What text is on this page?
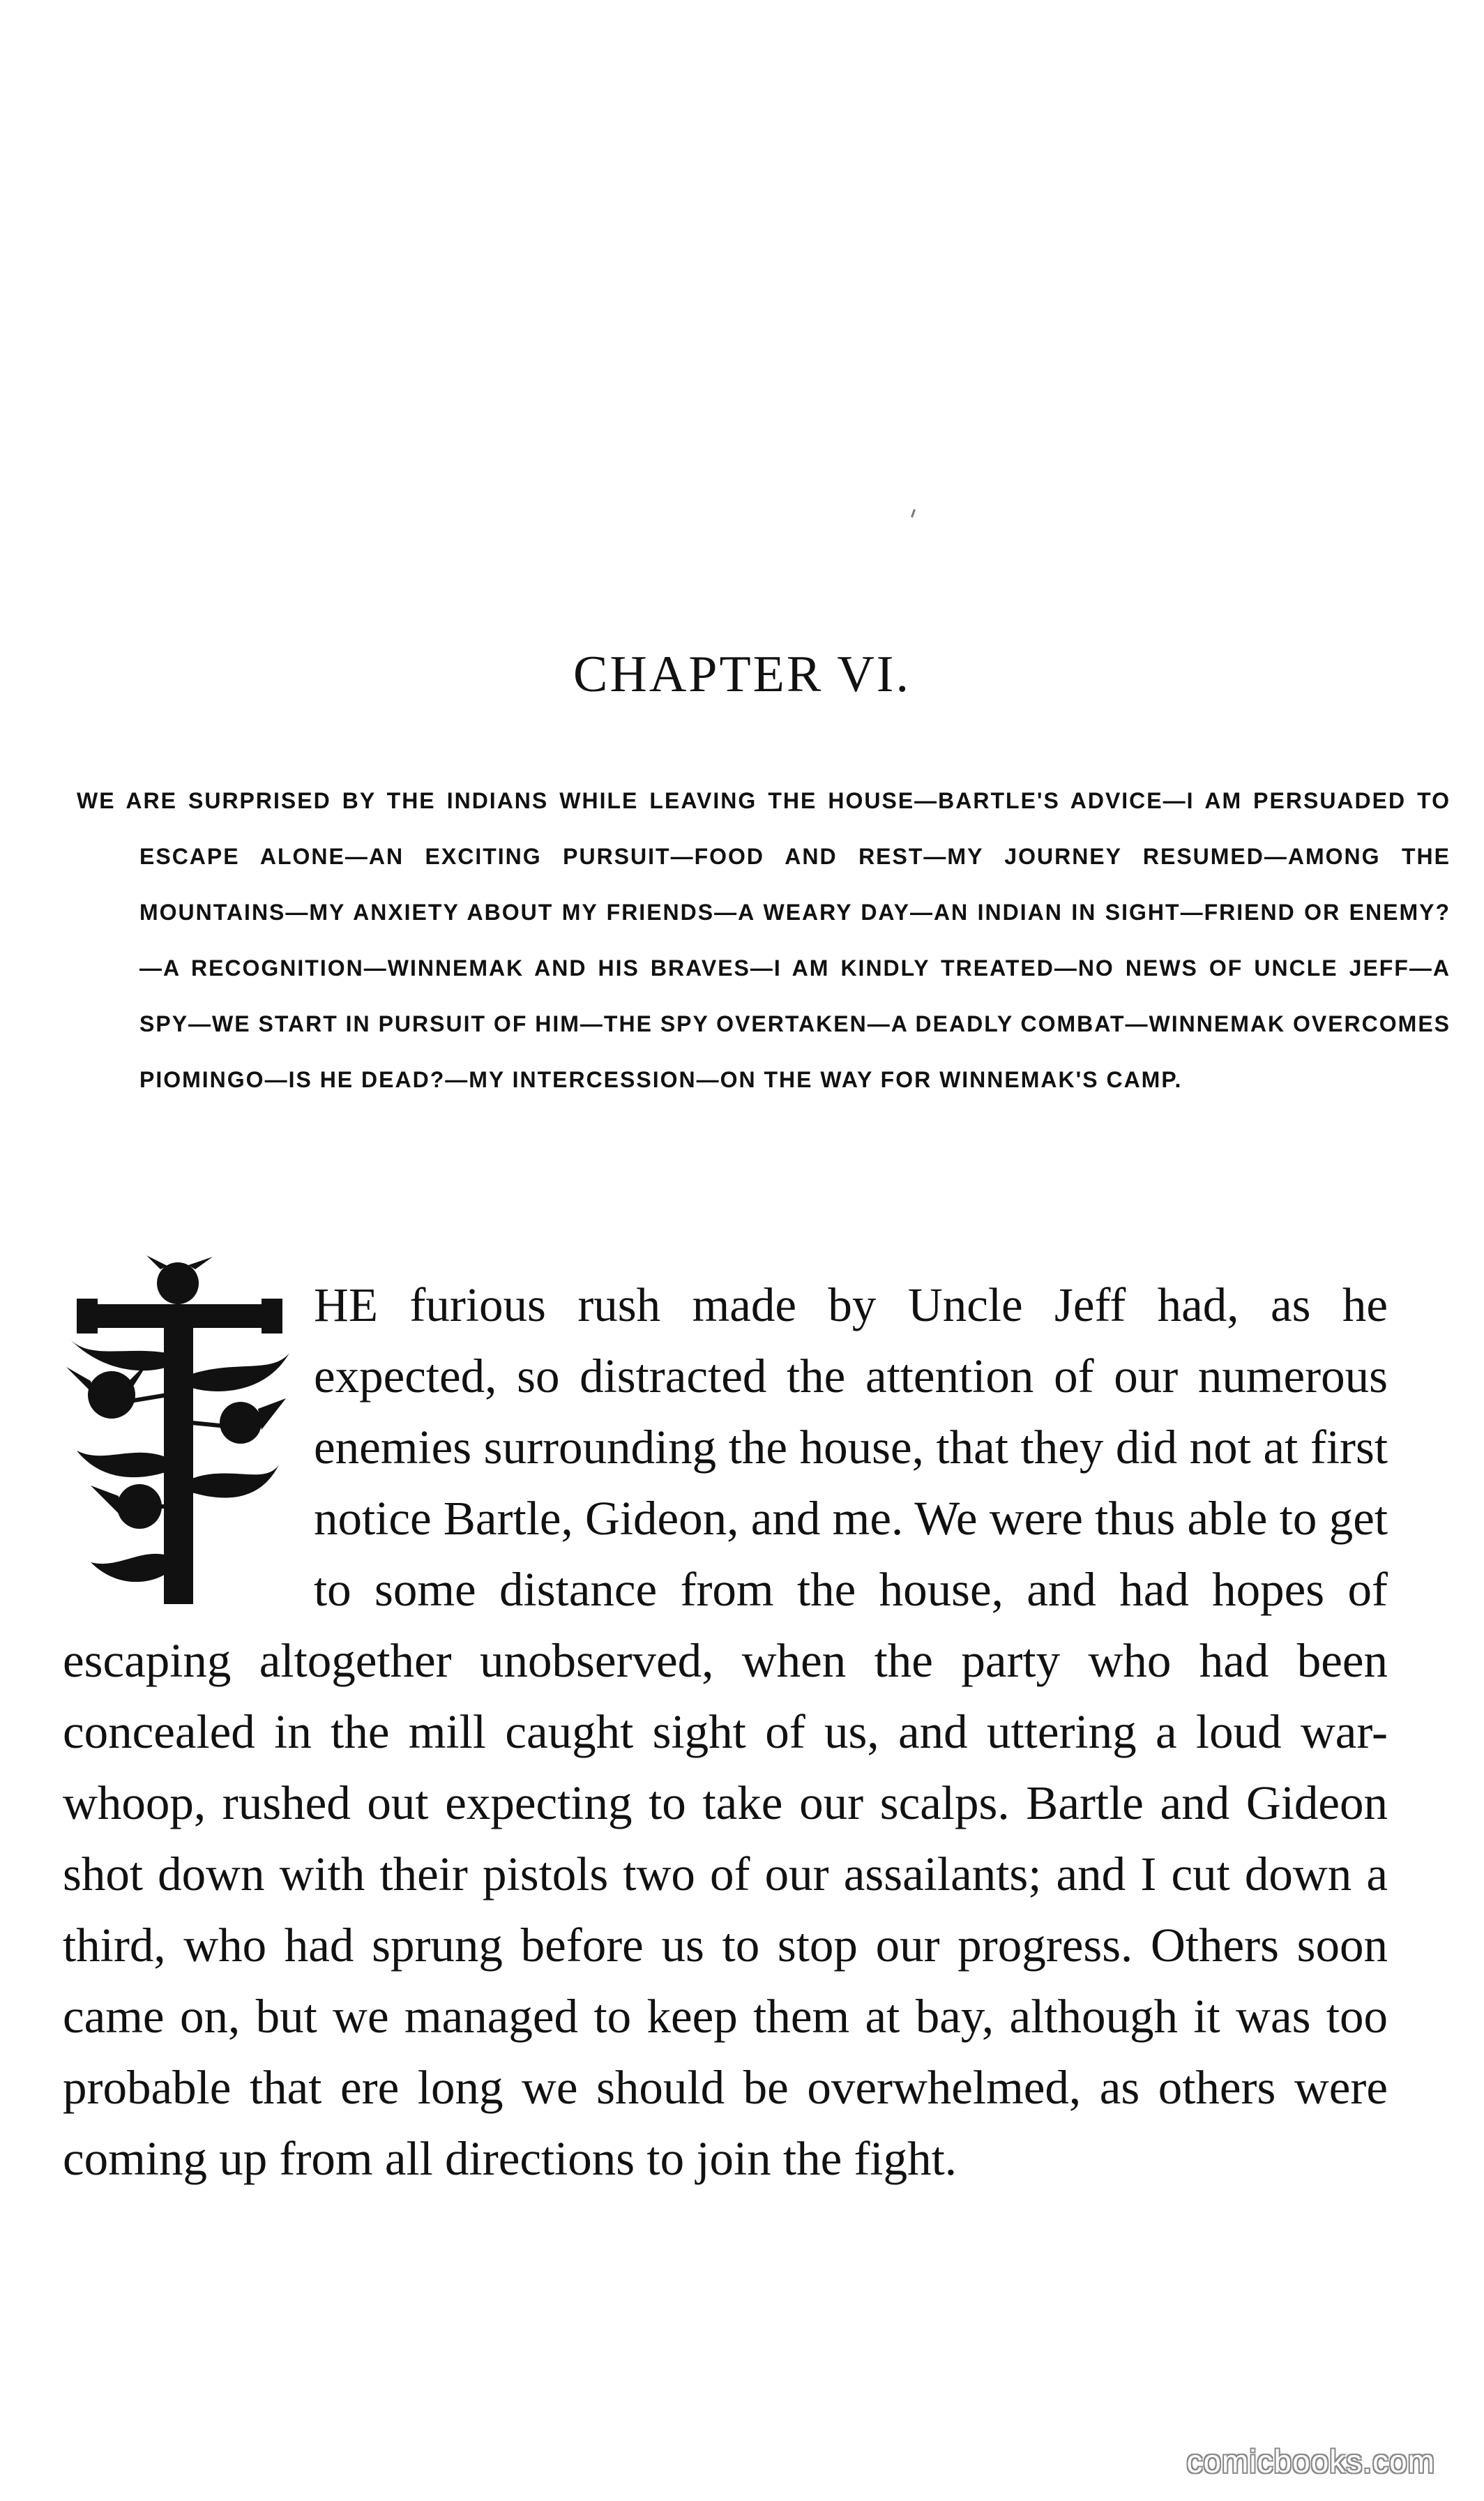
CHAPTER VI.

WE ARE SURPRISED BY THE INDIANS WHILE LEAVING THE HOUSE—BARTLE'S ADVICE—I AM PERSUADED TO ESCAPE ALONE—AN EXCITING PURSUIT—FOOD AND REST—MY JOURNEY RESUMED—AMONG THE MOUNTAINS—MY ANXIETY ABOUT MY FRIENDS—A WEARY DAY—AN INDIAN IN SIGHT—FRIEND OR ENEMY?—A RECOGNITION—WINNEMAK AND HIS BRAVES—I AM KINDLY TREATED—NO NEWS OF UNCLE JEFF—A SPY—WE START IN PURSUIT OF HIM—THE SPY OVERTAKEN—A DEADLY COMBAT—WINNEMAK OVERCOMES PIOMINGO—IS HE DEAD?—MY INTERCESSION—ON THE WAY FOR WINNEMAK'S CAMP.

HE furious rush made by Uncle Jeff had, as he expected, so distracted the attention of our numerous enemies surrounding the house, that they did not at first notice Bartle, Gideon, and me. We were thus able to get to some distance from the house, and had hopes of escaping altogether unobserved, when the party who had been concealed in the mill caught sight of us, and uttering a loud war-whoop, rushed out expecting to take our scalps. Bartle and Gideon shot down with their pistols two of our assailants; and I cut down a third, who had sprung before us to stop our progress. Others soon came on, but we managed to keep them at bay, although it was too probable that ere long we should be overwhelmed, as others were coming up from all directions to join the fight.

comicbooks.com
